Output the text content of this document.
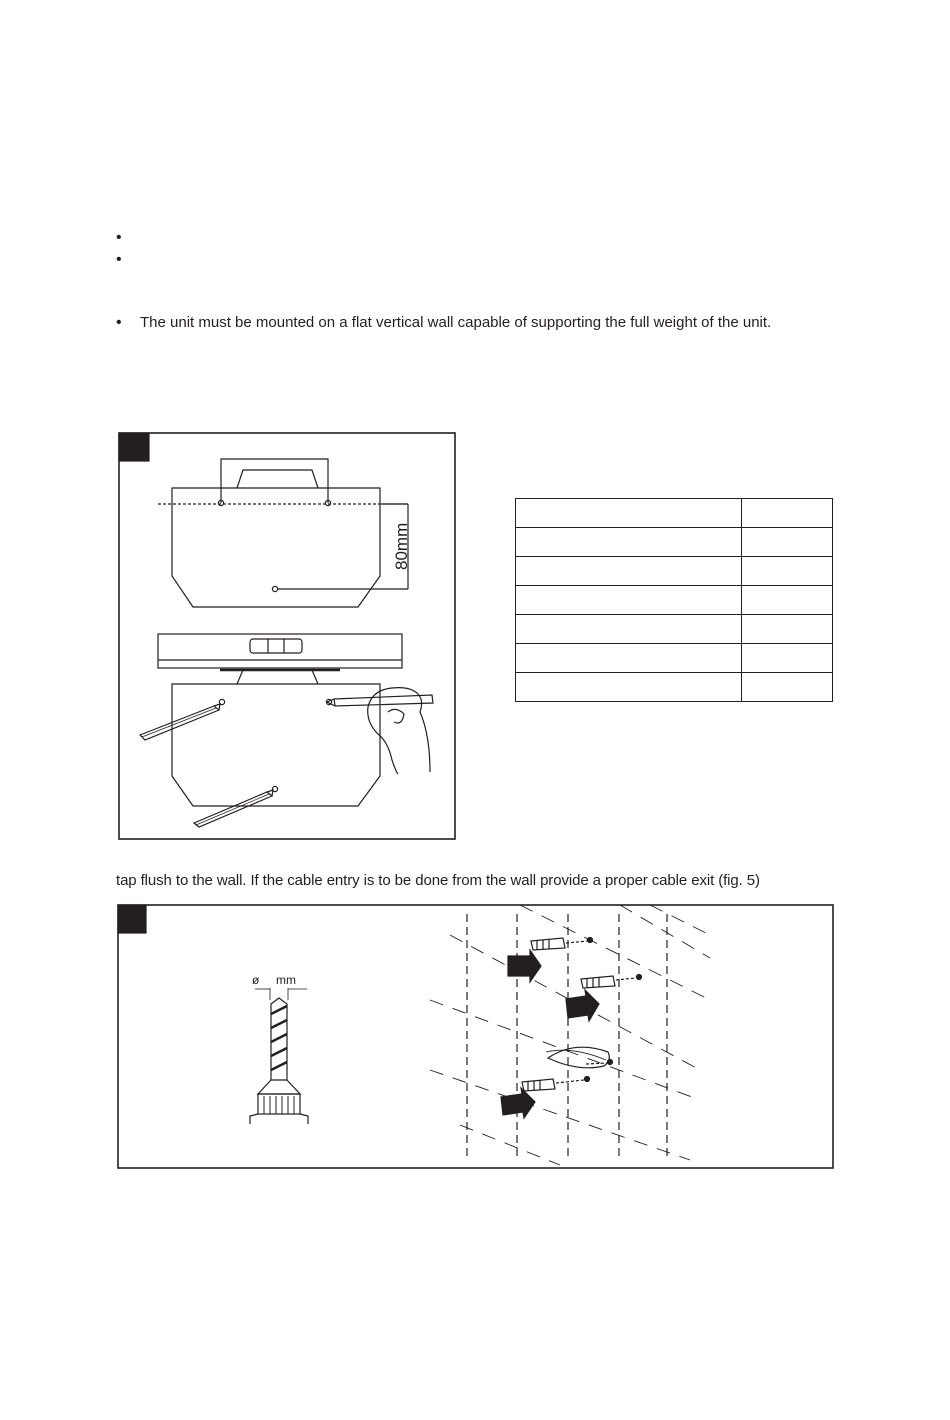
•
•
• The unit must be mounted on a flat vertical wall capable of supporting the full weight of the unit.
80mm
ø mm

tap flush to the wall. If the cable entry is to be done from the wall provide a proper cable exit (fig. 5)
